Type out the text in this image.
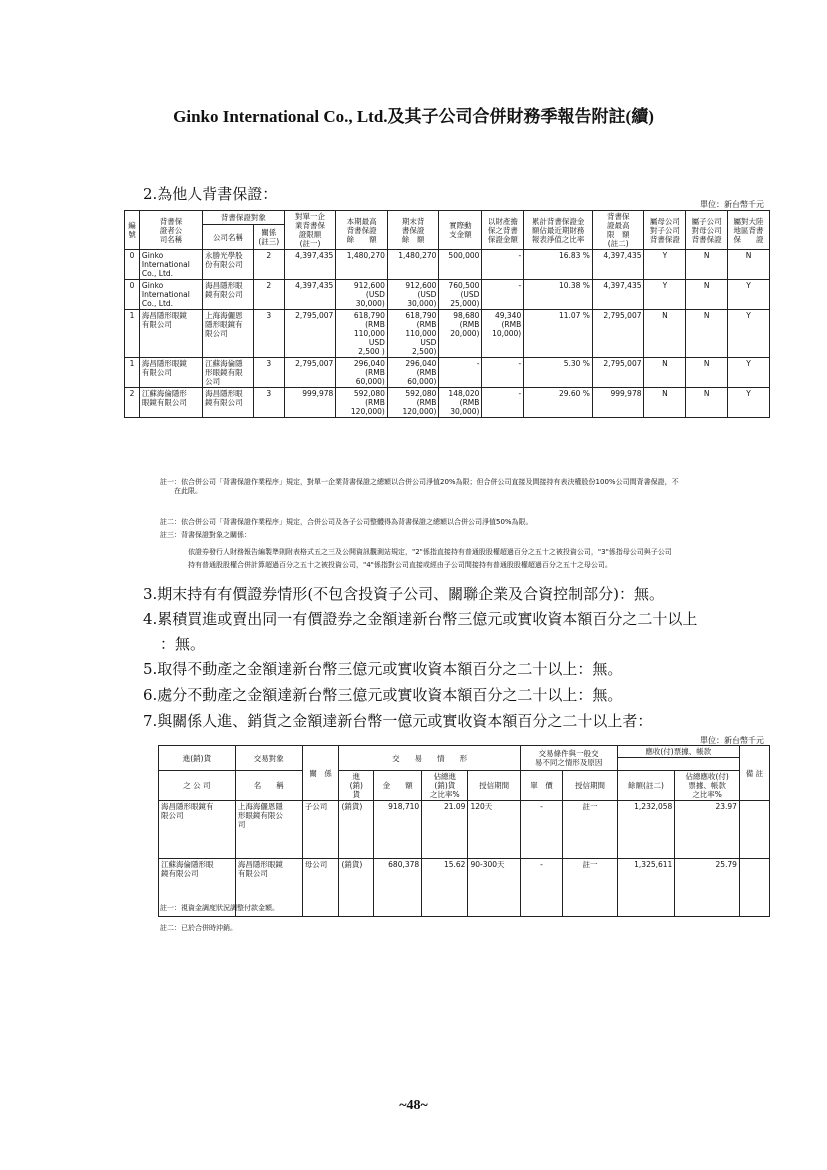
Ginko International Co., Ltd.及其子公司合併財務季報告附註(續)
2.為他人背書保證：
單位：新台幣千元
編
號	背書保
證者公
司名稱	背書保證對象		對單一企
業背書保
證限額
(註一)	本期最高
背書保證
餘　　額	期末背
書保證
餘　額	實際動
支金額	以財產擔
保之背書
保證金額	累計背書保證金
額佔最近期財務
報表淨值之比率	背書保
證最高
限　額
(註二)	屬母公司
對子公司
背書保證	屬子公司
對母公司
背書保證	屬對大陸
地區背書
保　　證
		公司名稱	關係
(註三)										
0	Ginko
International
Co., Ltd.	永勝光學股
份有限公司	2	4,397,435	1,480,270	1,480,270	500,000	-	16.83 %	4,397,435	Y	N	N
0	Ginko
International
Co., Ltd.	海昌隱形眼
鏡有限公司	2	4,397,435	912,600
(USD
30,000)	912,600
(USD
30,000)	760,500
(USD
25,000)	-	10.38 %	4,397,435	Y	N	Y
1	海昌隱形眼鏡
有限公司	上海海儷恩
隱形眼鏡有
限公司	3	2,795,007	618,790
(RMB
110,000
USD
2,500 )	618,790
(RMB
110,000
USD
2,500)	98,680
(RMB
20,000)	49,340
(RMB
10,000)	11.07 %	2,795,007	N	N	Y
1	海昌隱形眼鏡
有限公司	江蘇海倫隱
形眼鏡有限
公司	3	2,795,007	296,040
(RMB
60,000)	296,040
(RMB
60,000)	-	-	5.30 %	2,795,007	N	N	Y
2	江蘇海倫隱形
眼鏡有限公司	海昌隱形眼
鏡有限公司	3	999,978	592,080
(RMB
120,000)	592,080
(RMB
120,000)	148,020
(RMB
30,000)	-	29.60 %	999,978	N	N	Y
註一：依合併公司「背書保證作業程序」規定，對單一企業背書保證之總額以合併公司淨值20%為限；但合併公司直接及間接持有表決權股份100%公司間背書保證，不
　　在此限。
註二：依合併公司「背書保證作業程序」規定，合併公司及各子公司整體得為背書保證之總額以合併公司淨值50%為限。
註三：背書保證對象之關係：
依證券發行人財務報告編製準則附表格式五之三及公開資訊觀測站規定，"2"係指直接持有普通股股權超過百分之五十之被投資公司，"3"係指母公司與子公司
持有普通股股權合併計算超過百分之五十之被投資公司，"4"係指對公司直接或經由子公司間接持有普通股股權超過百分之五十之母公司。
3.期末持有有價證券情形(不包含投資子公司、關聯企業及合資控制部分)：無。
4.累積買進或賣出同一有價證券之金額達新台幣三億元或實收資本額百分之二十以上
：無。
5.取得不動產之金額達新台幣三億元或實收資本額百分之二十以上：無。
6.處分不動產之金額達新台幣三億元或實收資本額百分之二十以上：無。
7.與關係人進、銷貨之金額達新台幣一億元或實收資本額百分之二十以上者：
單位：新台幣千元
進(銷)貨	交易對象	關　係	交　　易　　情　　形				交易條件與一般交
易不同之情形及原因		應收(付)票據、帳款		備 註

之 公 司	名　　稱		進
(銷)
貨	金　　額	佔總進
(銷)貨
之比率%	授信期間	單　價	授信期間	餘額(註二)	佔總應收(付)
票據、帳款
之比率%	
海昌隱形眼鏡有
限公司	上海海儷恩隱
形眼鏡有限公
司	子公司	(銷貨)	918,710	21.09	120天	-	註一	1,232,058	23.97	
江蘇海倫隱形眼
鏡有限公司	海昌隱形眼鏡
有限公司	母公司	(銷貨)	680,378	15.62	90-300天	-	註一	1,325,611	25.79	
註一：視資金調度狀況調整付款金額。
註二：已於合併時沖銷。
~48~
